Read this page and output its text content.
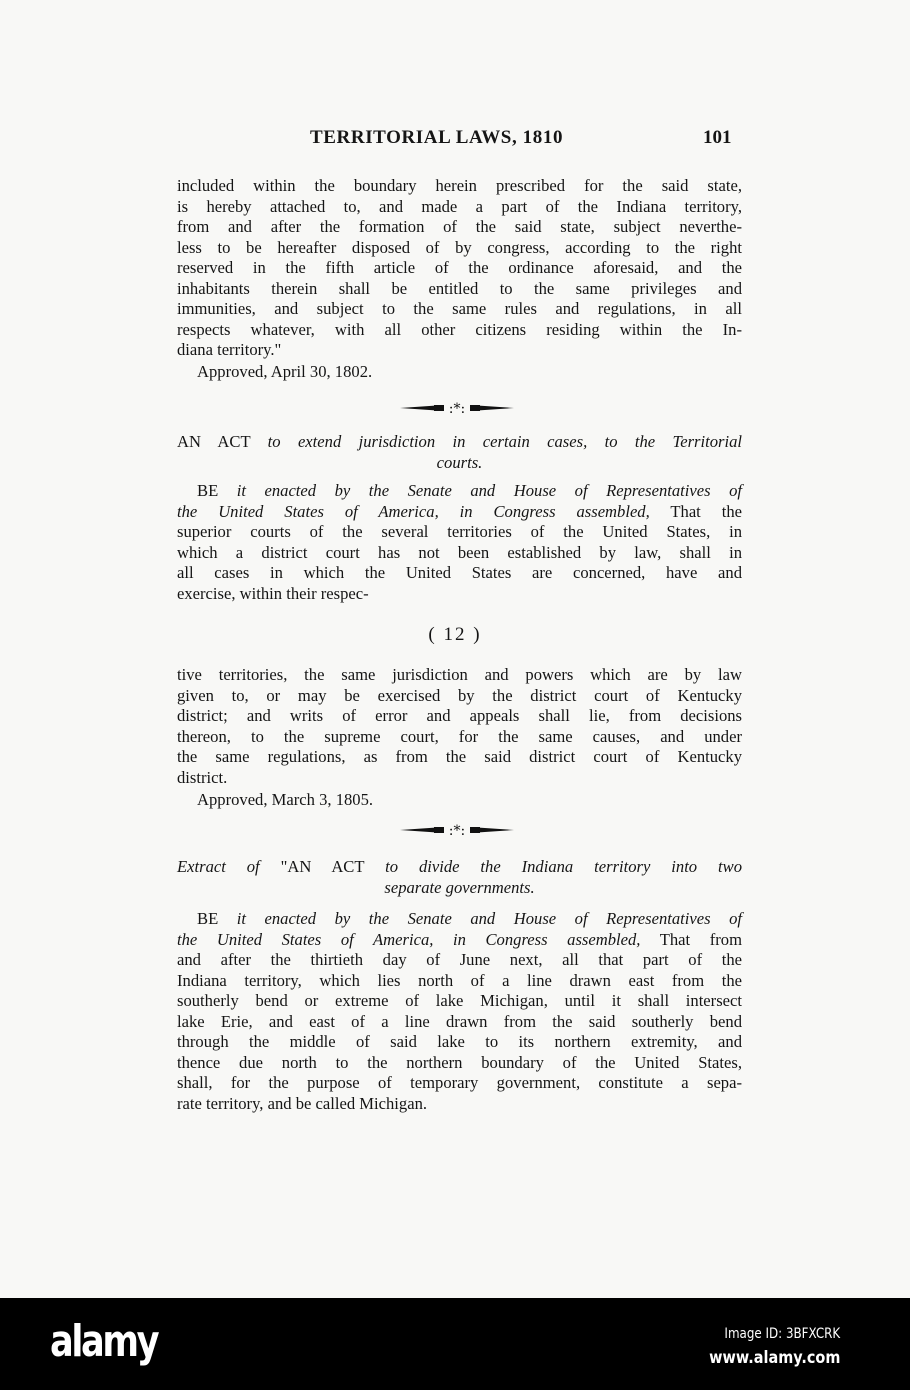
TERRITORIAL LAWS, 1810	101
included within the boundary herein prescribed for the said state,
is hereby attached to, and made a part of the Indiana territory,
from and after the formation of the said state, subject neverthe-
less to be hereafter disposed of by congress, according to the right
reserved in the fifth article of the ordinance aforesaid, and the
inhabitants therein shall be entitled to the same privileges and
immunities, and subject to the same rules and regulations, in all
respects whatever, with all other citizens residing within the In-
diana territory."
Approved, April 30, 1802.
:*:
AN ACT to extend jurisdiction in certain cases, to the Territorial
courts.
BE it enacted by the Senate and House of Representatives of
the United States of America, in Congress assembled, That the
superior courts of the several territories of the United States, in
which a district court has not been established by law, shall in
all cases in which the United States are concerned, have and
exercise, within their respec-
( 12 )
tive territories, the same jurisdiction and powers which are by law
given to, or may be exercised by the district court of Kentucky
district; and writs of error and appeals shall lie, from decisions
thereon, to the supreme court, for the same causes, and under
the same regulations, as from the said district court of Kentucky
district.
Approved, March 3, 1805.
:*:
Extract of "AN ACT to divide the Indiana territory into two
separate governments.
BE it enacted by the Senate and House of Representatives of
the United States of America, in Congress assembled, That from
and after the thirtieth day of June next, all that part of the
Indiana territory, which lies north of a line drawn east from the
southerly bend or extreme of lake Michigan, until it shall intersect
lake Erie, and east of a line drawn from the said southerly bend
through the middle of said lake to its northern extremity, and
thence due north to the northern boundary of the United States,
shall, for the purpose of temporary government, constitute a sepa-
rate territory, and be called Michigan.
alamy	Image ID: 3BFXCRK
www.alamy.com
